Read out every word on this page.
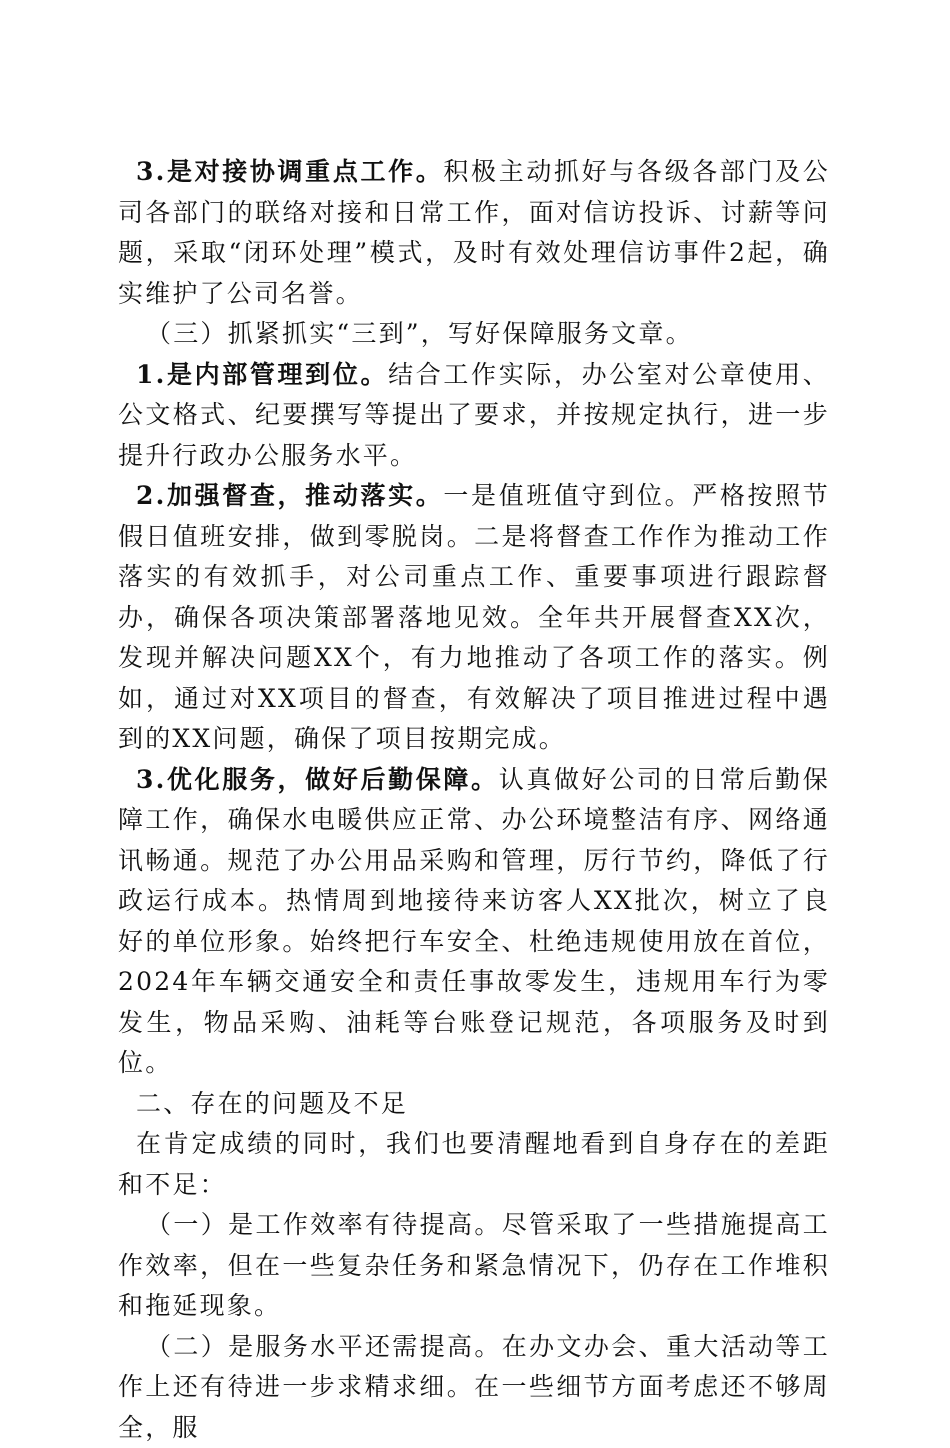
3.是对接协调重点工作。积极主动抓好与各级各部门及公司各部门的联络对接和日常工作，面对信访投诉、讨薪等问题，采取“闭环处理”模式，及时有效处理信访事件2起，确实维护了公司名誉。

（三）抓紧抓实“三到”，写好保障服务文章。

1.是内部管理到位。结合工作实际，办公室对公章使用、公文格式、纪要撰写等提出了要求，并按规定执行，进一步提升行政办公服务水平。

2.加强督查，推动落实。一是值班值守到位。严格按照节假日值班安排，做到零脱岗。二是将督查工作作为推动工作落实的有效抓手，对公司重点工作、重要事项进行跟踪督办，确保各项决策部署落地见效。全年共开展督查XX次，发现并解决问题XX个，有力地推动了各项工作的落实。例如，通过对XX项目的督查，有效解决了项目推进过程中遇到的XX问题，确保了项目按期完成。

3.优化服务，做好后勤保障。认真做好公司的日常后勤保障工作，确保水电暖供应正常、办公环境整洁有序、网络通讯畅通。规范了办公用品采购和管理，厉行节约，降低了行政运行成本。热情周到地接待来访客人XX批次，树立了良好的单位形象。始终把行车安全、杜绝违规使用放在首位，2024年车辆交通安全和责任事故零发生，违规用车行为零发生，物品采购、油耗等台账登记规范，各项服务及时到位。

二、存在的问题及不足

在肯定成绩的同时，我们也要清醒地看到自身存在的差距和不足：

（一）是工作效率有待提高。尽管采取了一些措施提高工作效率，但在一些复杂任务和紧急情况下，仍存在工作堆积和拖延现象。

（二）是服务水平还需提高。在办文办会、重大活动等工作上还有待进一步求精求细。在一些细节方面考虑还不够周全，服
